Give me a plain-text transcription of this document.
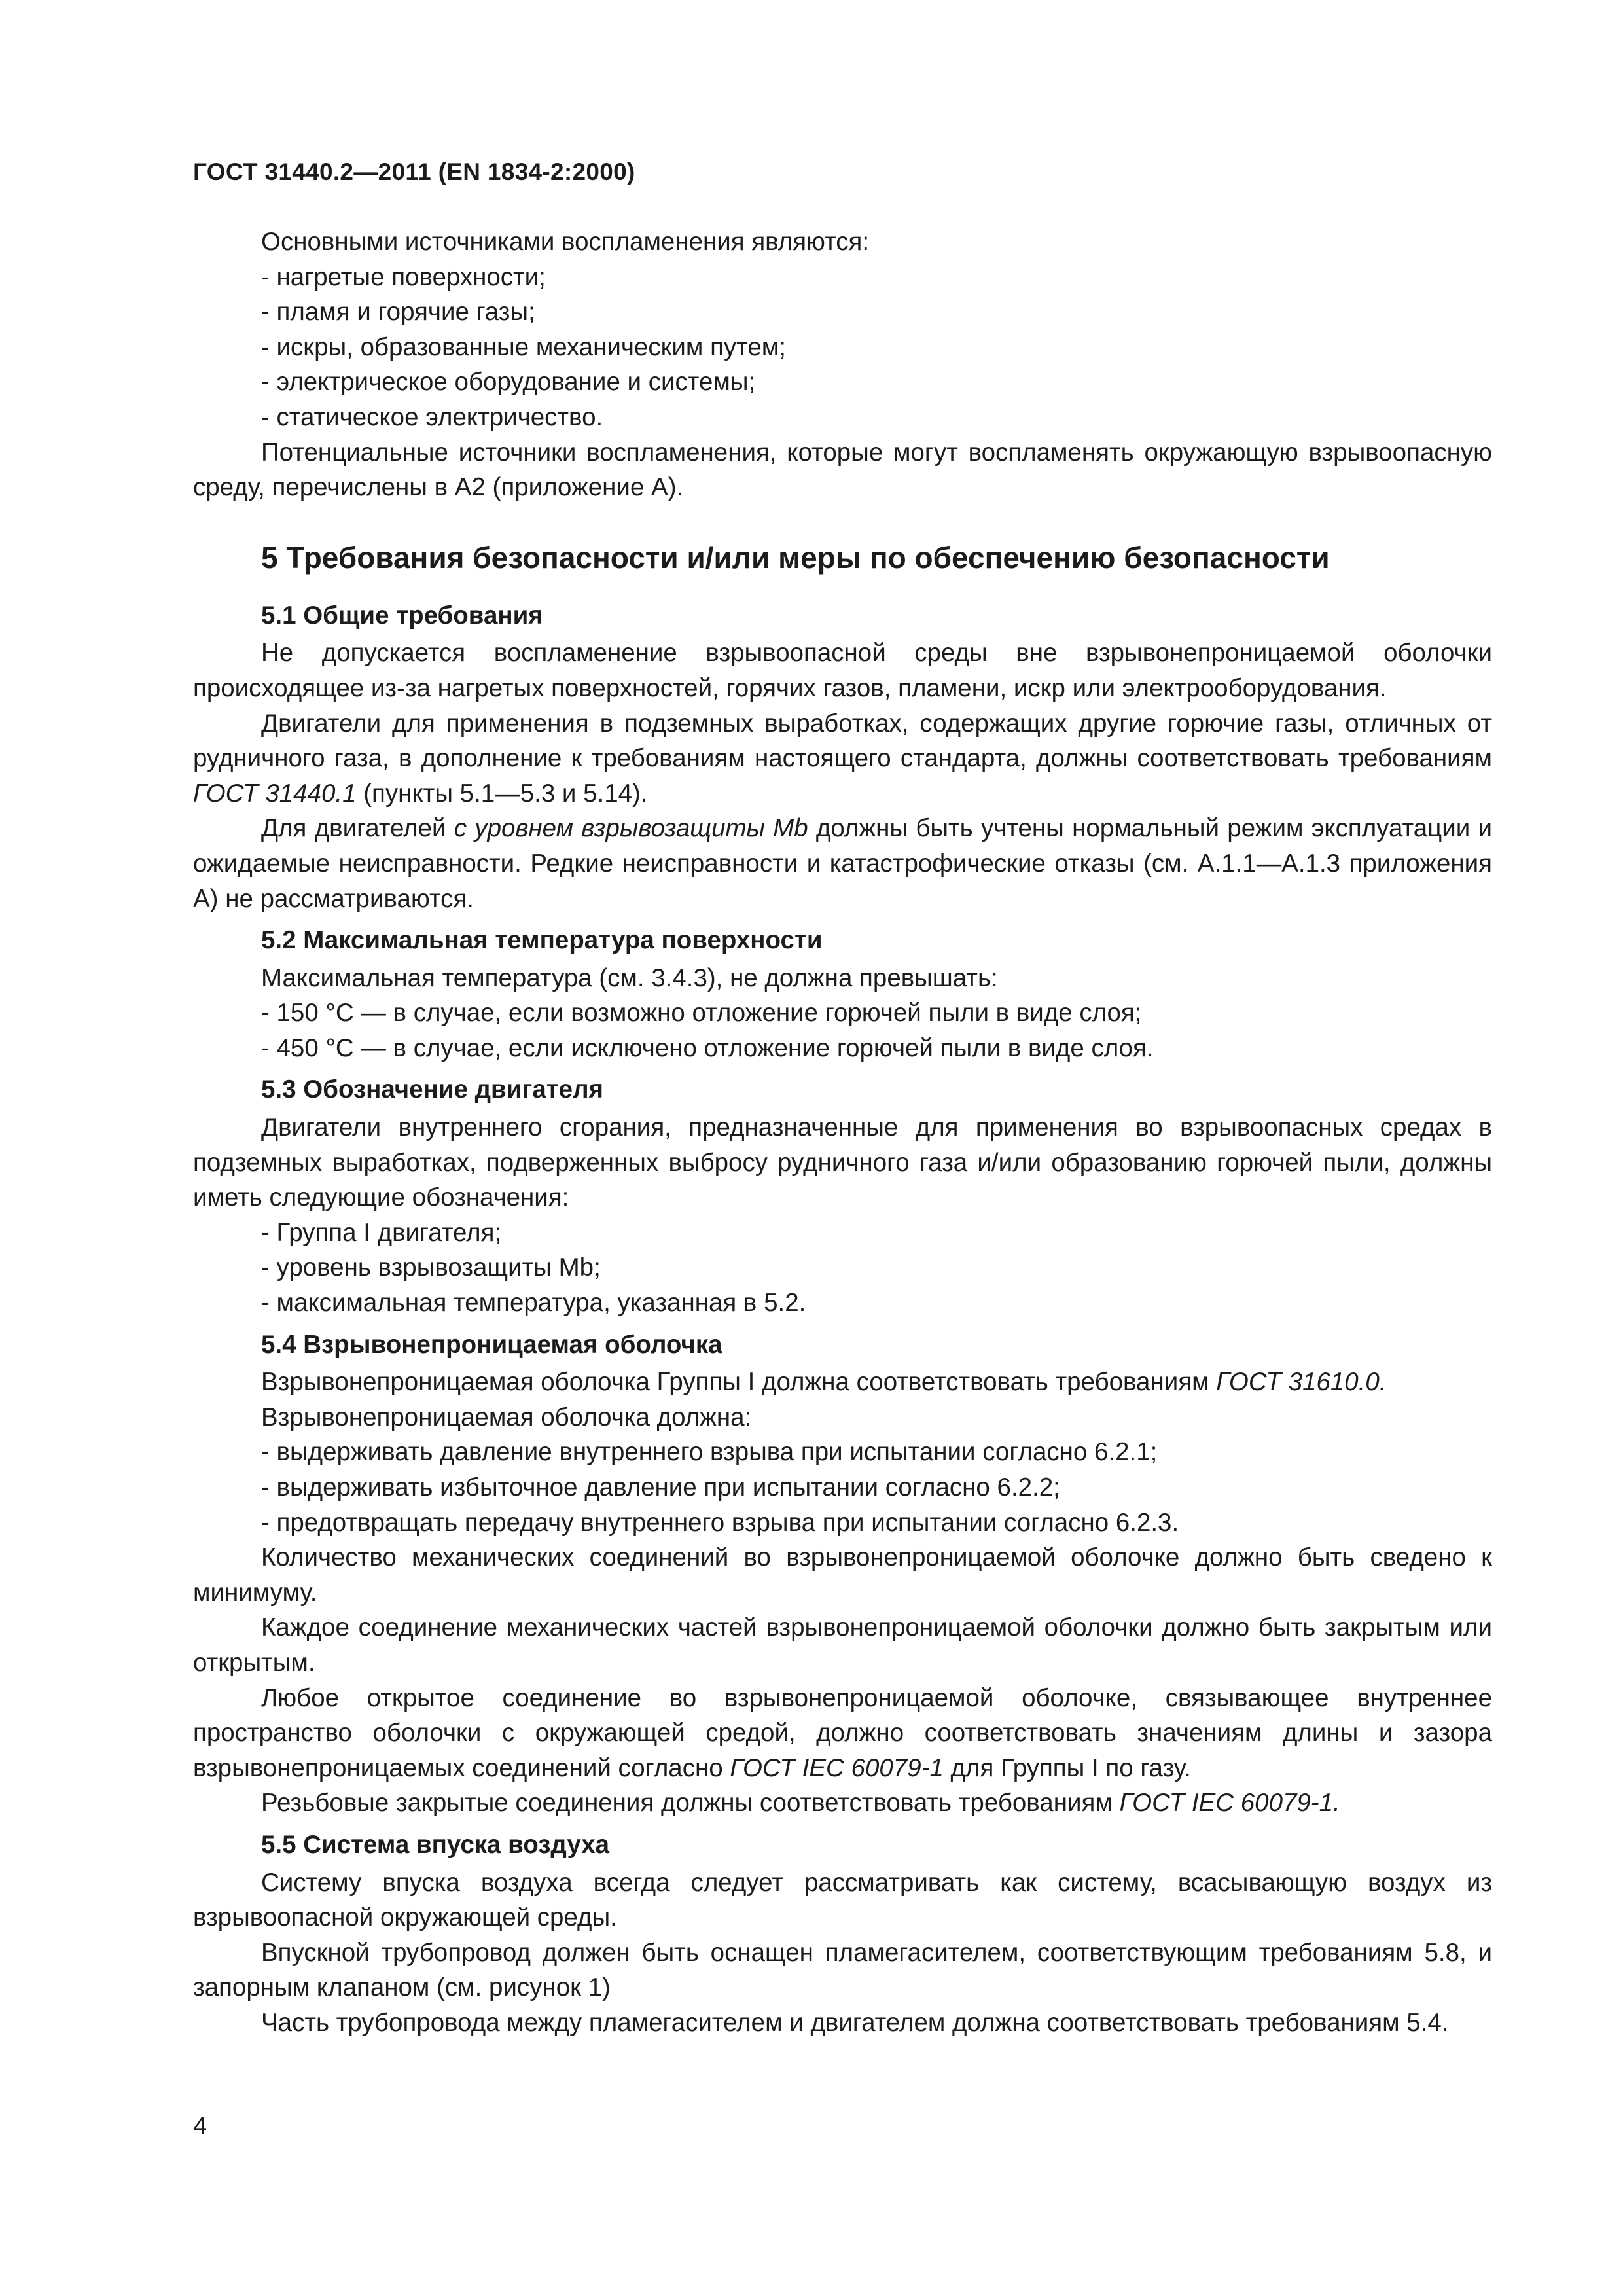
ГОСТ 31440.2—2011 (EN 1834-2:2000)

Основными источниками воспламенения являются:

- нагретые поверхности;

- пламя и горячие газы;

- искры, образованные механическим путем;

- электрическое оборудование и системы;

- статическое электричество.

Потенциальные источники воспламенения, которые могут воспламенять окружающую взрывоопасную среду, перечислены в А2 (приложение А).

5 Требования безопасности и/или меры по обеспечению безопасности

5.1 Общие требования

Не допускается воспламенение взрывоопасной среды вне взрывонепроницаемой оболочки происходящее из-за нагретых поверхностей, горячих газов, пламени, искр или электрооборудования.

Двигатели для применения в подземных выработках, содержащих другие горючие газы, отличных от рудничного газа, в дополнение к требованиям настоящего стандарта, должны соответствовать требованиям ГОСТ 31440.1 (пункты 5.1—5.3 и 5.14).

Для двигателей с уровнем взрывозащиты Mb должны быть учтены нормальный режим эксплуатации и ожидаемые неисправности. Редкие неисправности и катастрофические отказы (см. А.1.1—А.1.3 приложения А) не рассматриваются.

5.2 Максимальная температура поверхности

Максимальная температура (см. 3.4.3), не должна превышать:

- 150 °С — в случае, если возможно отложение горючей пыли в виде слоя;

- 450 °С — в случае, если исключено отложение горючей пыли в виде слоя.

5.3 Обозначение двигателя

Двигатели внутреннего сгорания, предназначенные для применения во взрывоопасных средах в подземных выработках, подверженных выбросу рудничного газа и/или образованию горючей пыли, должны иметь следующие обозначения:

- Группа I двигателя;

- уровень взрывозащиты Mb;

- максимальная температура, указанная в 5.2.

5.4 Взрывонепроницаемая оболочка

Взрывонепроницаемая оболочка Группы I должна соответствовать требованиям ГОСТ 31610.0.

Взрывонепроницаемая оболочка должна:

- выдерживать давление внутреннего взрыва при испытании согласно 6.2.1;

- выдерживать избыточное давление при испытании согласно 6.2.2;

- предотвращать передачу внутреннего взрыва при испытании согласно 6.2.3.

Количество механических соединений во взрывонепроницаемой оболочке должно быть сведено к минимуму.

Каждое соединение механических частей взрывонепроницаемой оболочки должно быть закрытым или открытым.

Любое открытое соединение во взрывонепроницаемой оболочке, связывающее внутреннее пространство оболочки с окружающей средой, должно соответствовать значениям длины и зазора взрывонепроницаемых соединений согласно ГОСТ IEC 60079-1 для Группы I по газу.

Резьбовые закрытые соединения должны соответствовать требованиям ГОСТ IEC 60079-1.

5.5 Система впуска воздуха

Систему впуска воздуха всегда следует рассматривать как систему, всасывающую воздух из взрывоопасной окружающей среды.

Впускной трубопровод должен быть оснащен пламегасителем, соответствующим требованиям 5.8, и запорным клапаном (см. рисунок 1)

Часть трубопровода между пламегасителем и двигателем должна соответствовать требованиям 5.4.

4
